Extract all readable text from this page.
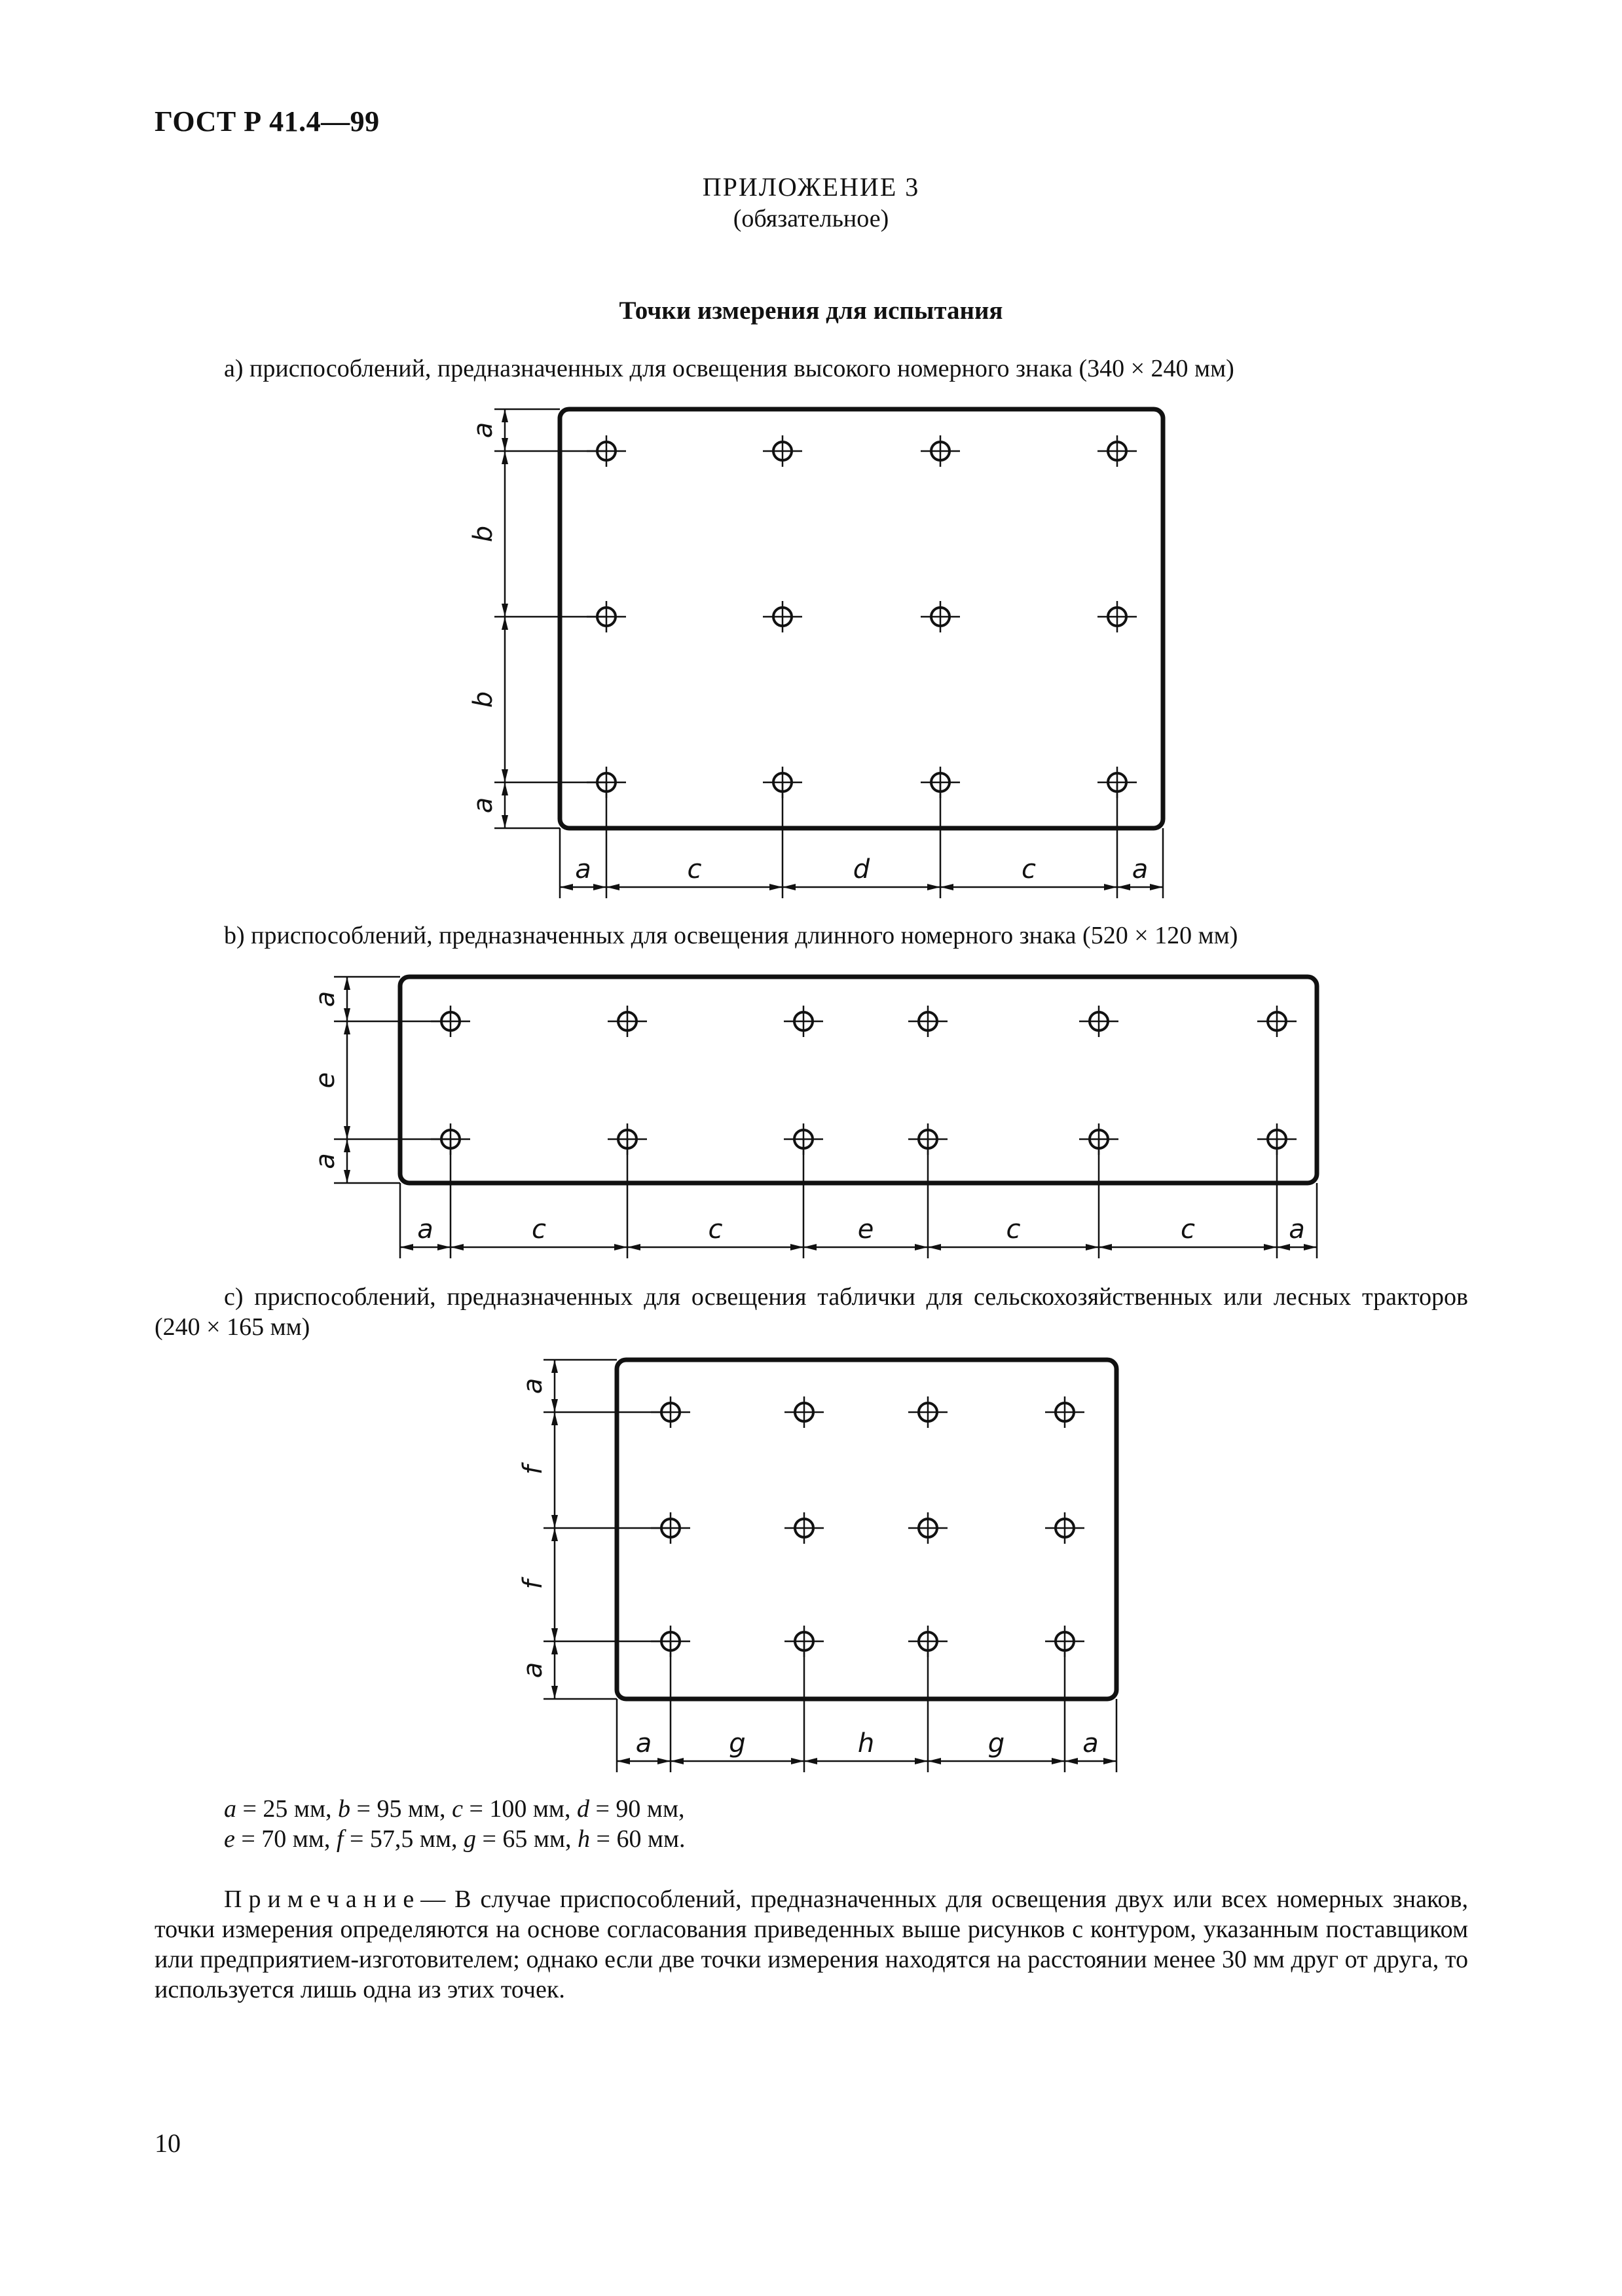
ГОСТ Р 41.4—99
ПРИЛОЖЕНИЕ 3
(обязательное)
Точки измерения для испытания
a) приспособлений, предназначенных для освещения высокого номерного знака (340 × 240 мм)
b) приспособлений, предназначенных для освещения длинного номерного знака (520 × 120 мм)
c) приспособлений, предназначенных для освещения таблички для сельскохозяйственных или лесных тракторов (240 × 165 мм)
a
b
b
a
a	c	d	c	a
a
e
a
a	c	c	e	c	c	a
a
f
f
a
a	g	h	g	a
a = 25 мм, b = 95 мм, c = 100 мм, d = 90 мм,
e = 70 мм, f = 57,5 мм, g = 65 мм, h = 60 мм.
Примечание— В случае приспособлений, предназначенных для освещения двух или всех номерных знаков, точки измерения определяются на основе согласования приведенных выше рисунков с контуром, указанным поставщиком или предприятием-изготовителем; однако если две точки измерения находятся на расстоянии менее 30 мм друг от друга, то используется лишь одна из этих точек.
10
